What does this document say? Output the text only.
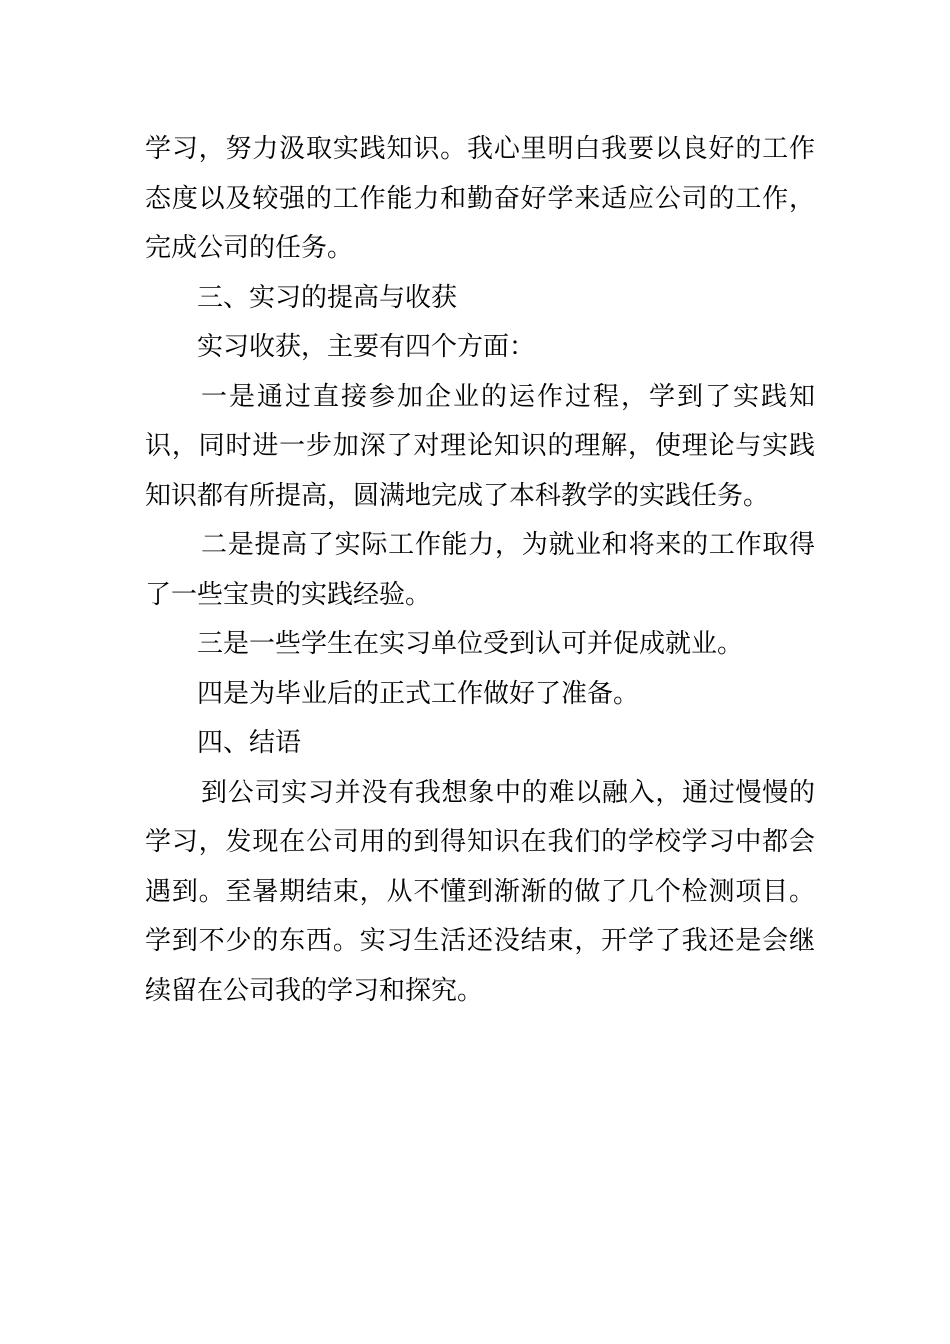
学习，努力汲取实践知识。我心里明白我要以良好的工作态度以及较强的工作能力和勤奋好学来适应公司的工作，完成公司的任务。

三、实习的提高与收获

实习收获，主要有四个方面：

一是通过直接参加企业的运作过程，学到了实践知识，同时进一步加深了对理论知识的理解，使理论与实践知识都有所提高，圆满地完成了本科教学的实践任务。

二是提高了实际工作能力，为就业和将来的工作取得了一些宝贵的实践经验。

三是一些学生在实习单位受到认可并促成就业。

四是为毕业后的正式工作做好了准备。

四、结语

到公司实习并没有我想象中的难以融入，通过慢慢的学习，发现在公司用的到得知识在我们的学校学习中都会遇到。至暑期结束，从不懂到渐渐的做了几个检测项目。学到不少的东西。实习生活还没结束，开学了我还是会继续留在公司我的学习和探究。
